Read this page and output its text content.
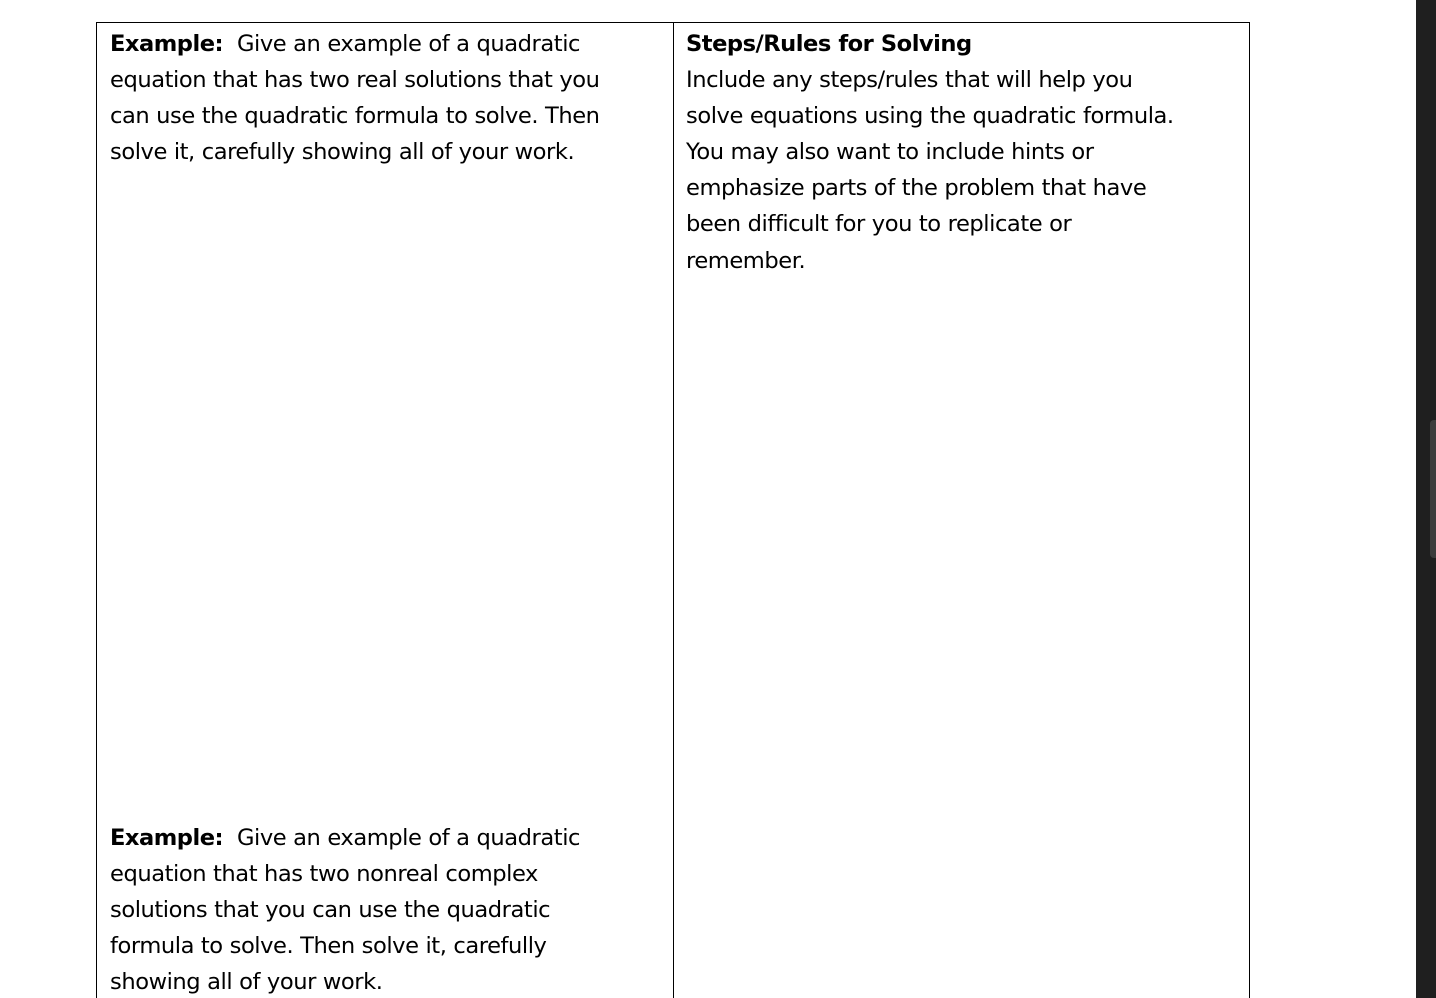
Example: Give an example of a quadratic
equation that has two real solutions that you
can use the quadratic formula to solve. Then
solve it, carefully showing all of your work.
Steps/Rules for Solving
Include any steps/rules that will help you
solve equations using the quadratic formula.
You may also want to include hints or
emphasize parts of the problem that have
been difficult for you to replicate or
remember.
Example: Give an example of a quadratic
equation that has two nonreal complex
solutions that you can use the quadratic
formula to solve. Then solve it, carefully
showing all of your work.
